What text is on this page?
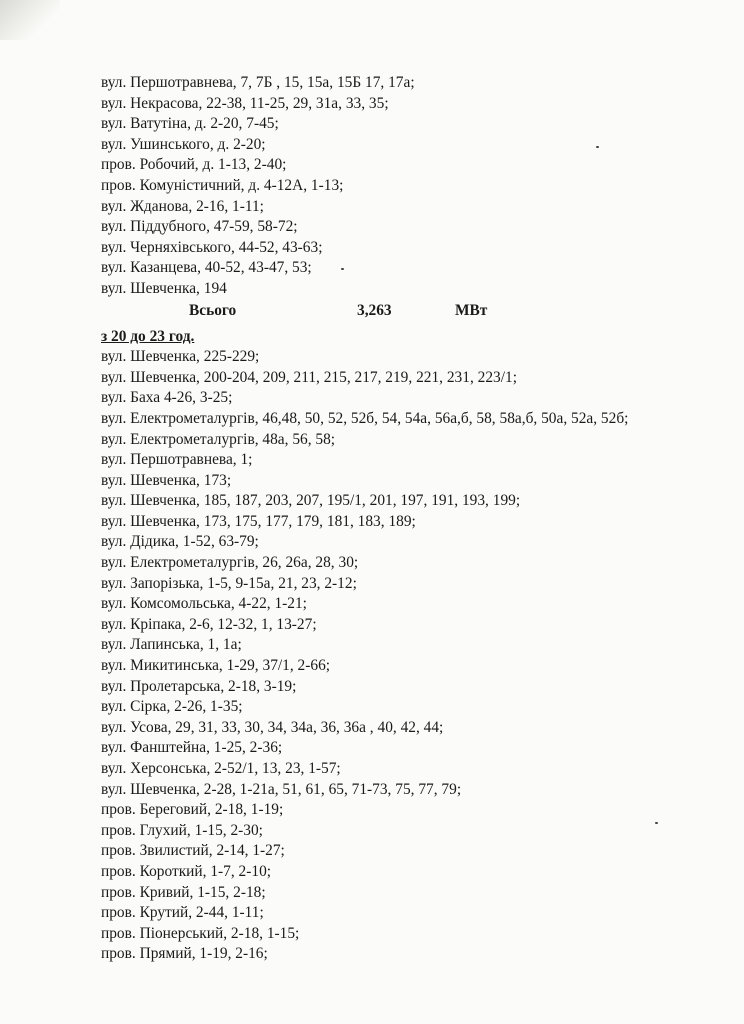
вул. Першотравнева, 7, 7Б , 15, 15а, 15Б 17, 17а;
вул. Некрасова, 22-38, 11-25, 29, 31а, 33, 35;
вул. Ватутіна, д. 2-20, 7-45;
вул. Ушинського, д. 2-20;
пров. Робочий, д. 1-13, 2-40;
пров. Комуністичний, д. 4-12А, 1-13;
вул. Жданова, 2-16, 1-11;
вул. Піддубного, 47-59, 58-72;
вул. Черняхівського, 44-52, 43-63;
вул. Казанцева, 40-52, 43-47, 53;
вул. Шевченка, 194
Всього	3,263	МВт
з 20 до 23 год.
вул. Шевченка, 225-229;
вул. Шевченка, 200-204, 209, 211, 215, 217, 219, 221, 231, 223/1;
вул. Баха 4-26, 3-25;
вул. Електрометалургів, 46,48, 50, 52, 52б, 54, 54а, 56а,б, 58, 58а,б, 50а, 52а, 52б;
вул. Електрометалургів, 48а, 56, 58;
вул. Першотравнева, 1;
вул. Шевченка, 173;
вул. Шевченка, 185, 187, 203, 207, 195/1, 201, 197, 191, 193, 199;
вул. Шевченка, 173, 175, 177, 179, 181, 183, 189;
вул. Дідика, 1-52, 63-79;
вул. Електрометалургів, 26, 26а, 28, 30;
вул. Запорізька, 1-5, 9-15а, 21, 23, 2-12;
вул. Комсомольська, 4-22, 1-21;
вул. Кріпака, 2-6, 12-32, 1, 13-27;
вул. Лапинська, 1, 1а;
вул. Микитинська, 1-29, 37/1, 2-66;
вул. Пролетарська, 2-18, 3-19;
вул. Сірка, 2-26, 1-35;
вул. Усова, 29, 31, 33, 30, 34, 34а, 36, 36а , 40, 42, 44;
вул. Фанштейна, 1-25, 2-36;
вул. Херсонська, 2-52/1, 13, 23, 1-57;
вул. Шевченка, 2-28, 1-21а, 51, 61, 65, 71-73, 75, 77, 79;
пров. Береговий, 2-18, 1-19;
пров. Глухий, 1-15, 2-30;
пров. Звилистий, 2-14, 1-27;
пров. Короткий, 1-7, 2-10;
пров. Кривий, 1-15, 2-18;
пров. Крутий, 2-44, 1-11;
пров. Піонерський, 2-18, 1-15;
пров. Прямий, 1-19, 2-16;
